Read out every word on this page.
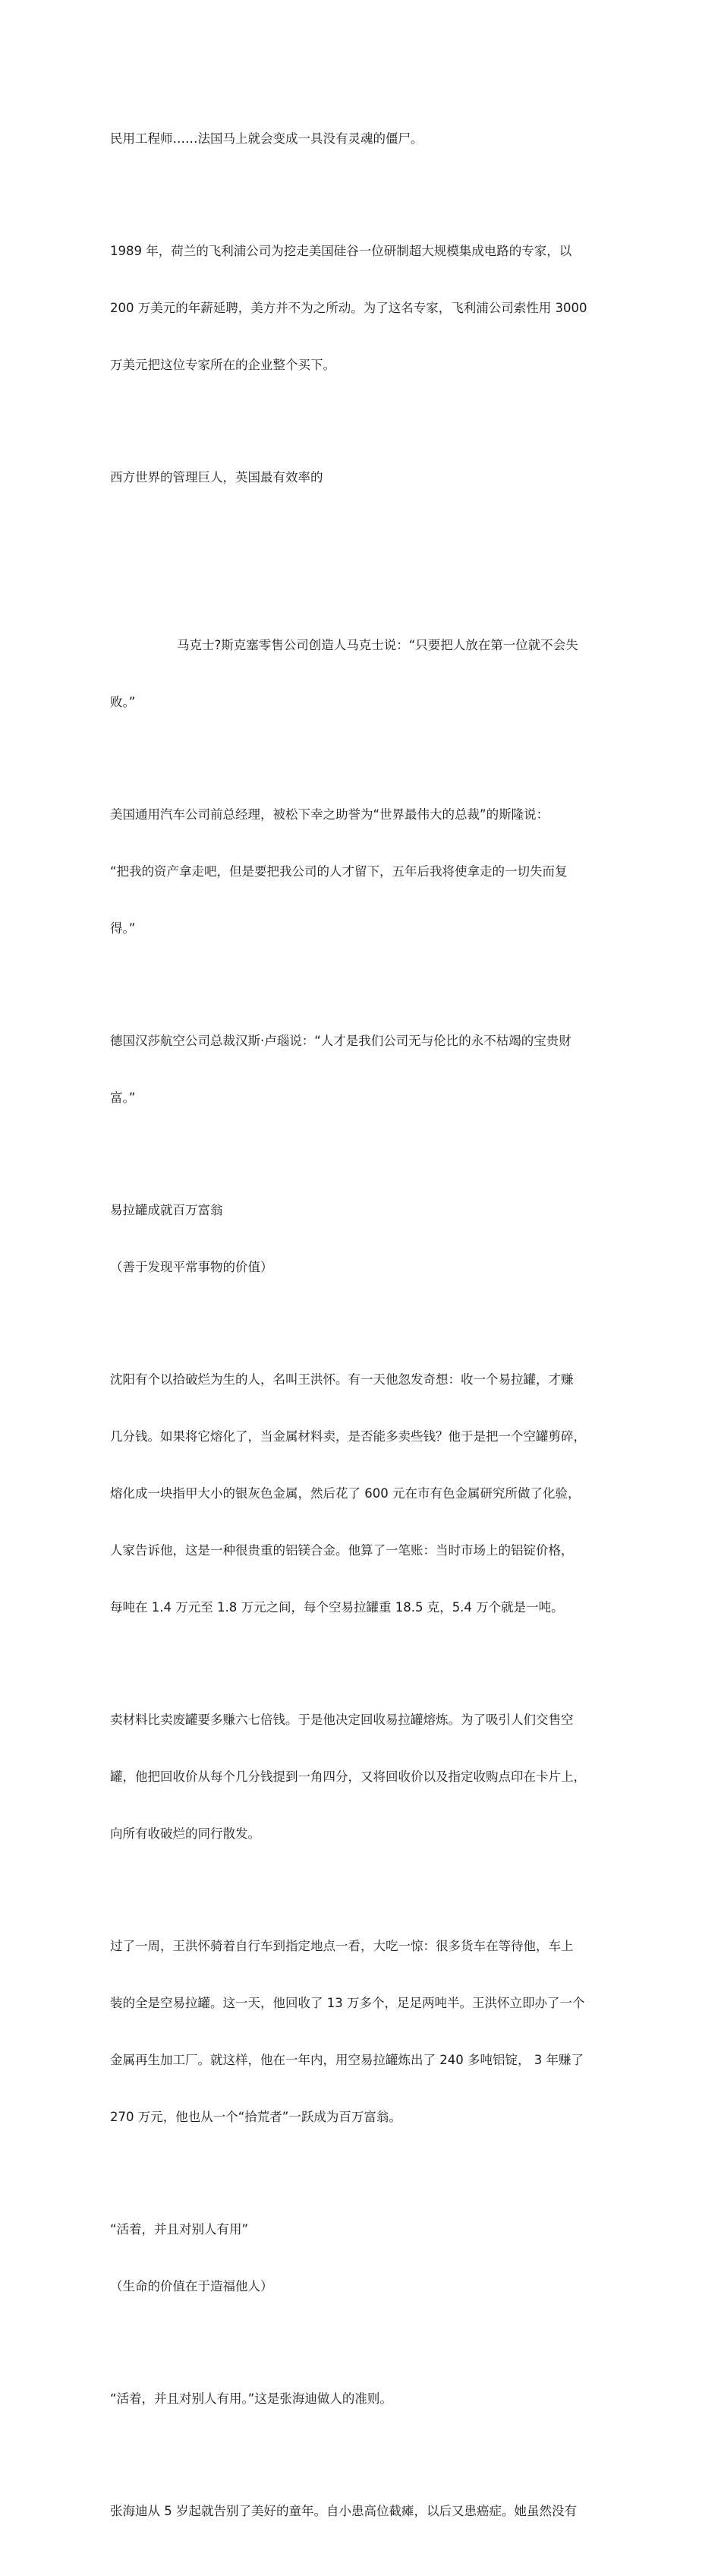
民用工程师……法国马上就会变成一具没有灵魂的僵尸。

1989 年，荷兰的飞利浦公司为挖走美国硅谷一位研制超大规模集成电路的专家，以

200 万美元的年薪延聘，美方并不为之所动。为了这名专家，飞利浦公司索性用 3000

万美元把这位专家所在的企业整个买下。

西方世界的管理巨人，英国最有效率的

马克士?斯克塞零售公司创造人马克士说：“只要把人放在第一位就不会失

败。”

美国通用汽车公司前总经理，被松下幸之助誉为“世界最伟大的总裁”的斯隆说：

“把我的资产拿走吧，但是要把我公司的人才留下，五年后我将使拿走的一切失而复

得。”

德国汉莎航空公司总裁汉斯·卢瑙说：“人才是我们公司无与伦比的永不枯竭的宝贵财

富。”

易拉罐成就百万富翁

（善于发现平常事物的价值）

沈阳有个以拾破烂为生的人，名叫王洪怀。有一天他忽发奇想：收一个易拉罐，才赚

几分钱。如果将它熔化了，当金属材料卖，是否能多卖些钱？他于是把一个空罐剪碎，

熔化成一块指甲大小的银灰色金属，然后花了 600 元在市有色金属研究所做了化验，

人家告诉他，这是一种很贵重的铝镁合金。他算了一笔账：当时市场上的铝锭价格，

每吨在 1.4 万元至 1.8 万元之间，每个空易拉罐重 18.5 克，5.4 万个就是一吨。

卖材料比卖废罐要多赚六七倍钱。于是他决定回收易拉罐熔炼。为了吸引人们交售空

罐，他把回收价从每个几分钱提到一角四分，又将回收价以及指定收购点印在卡片上，

向所有收破烂的同行散发。

过了一周，王洪怀骑着自行车到指定地点一看，大吃一惊：很多货车在等待他，车上

装的全是空易拉罐。这一天，他回收了 13 万多个，足足两吨半。王洪怀立即办了一个

金属再生加工厂。就这样，他在一年内，用空易拉罐炼出了 240 多吨铝锭， 3 年赚了

270 万元，他也从一个“拾荒者”一跃成为百万富翁。

“活着，并且对别人有用”

（生命的价值在于造福他人）

“活着，并且对别人有用。”这是张海迪做人的准则。

张海迪从 5 岁起就告别了美好的童年。自小患高位截瘫，以后又患癌症。她虽然没有
